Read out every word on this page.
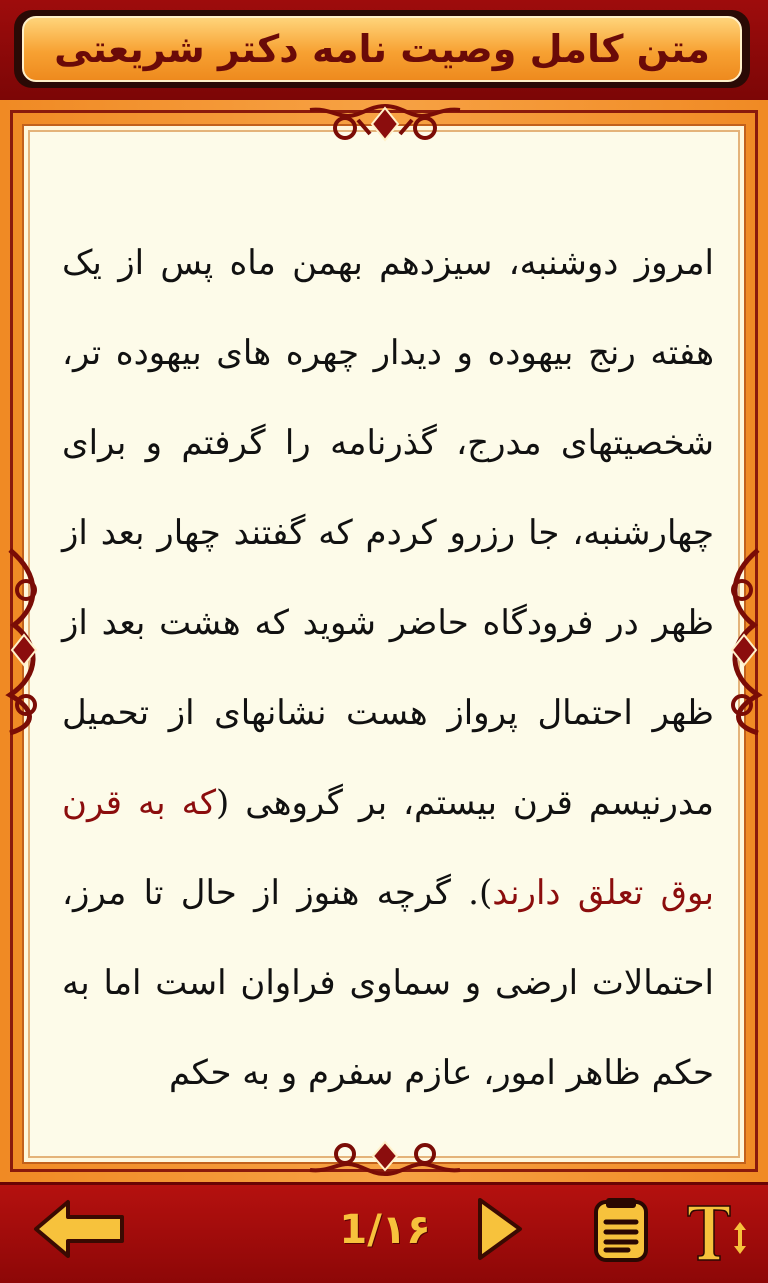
متن کامل وصیت نامه دکتر شریعتی
امروز دوشنبه، سیزدهم بهمن ماه پس از یک هفته رنج بیهوده و دیدار چهره های بیهوده تر، شخصیتهای مدرج، گذرنامه را گرفتم و برای چهارشنبه، جا رزرو کردم که گفتند چهار بعد از ظهر در فرودگاه حاضر شوید که هشت بعد از ظهر احتمال پرواز هست نشانهای از تحمیل مدرنیسم قرن بیستم، بر گروهی (که به قرن بوق تعلق دارند). گرچه هنوز از حال تا مرز، احتمالات ارضی و سماوی فراوان است اما به حکم ظاهر امور، عازم سفرم و به حکم
1/۱۶
